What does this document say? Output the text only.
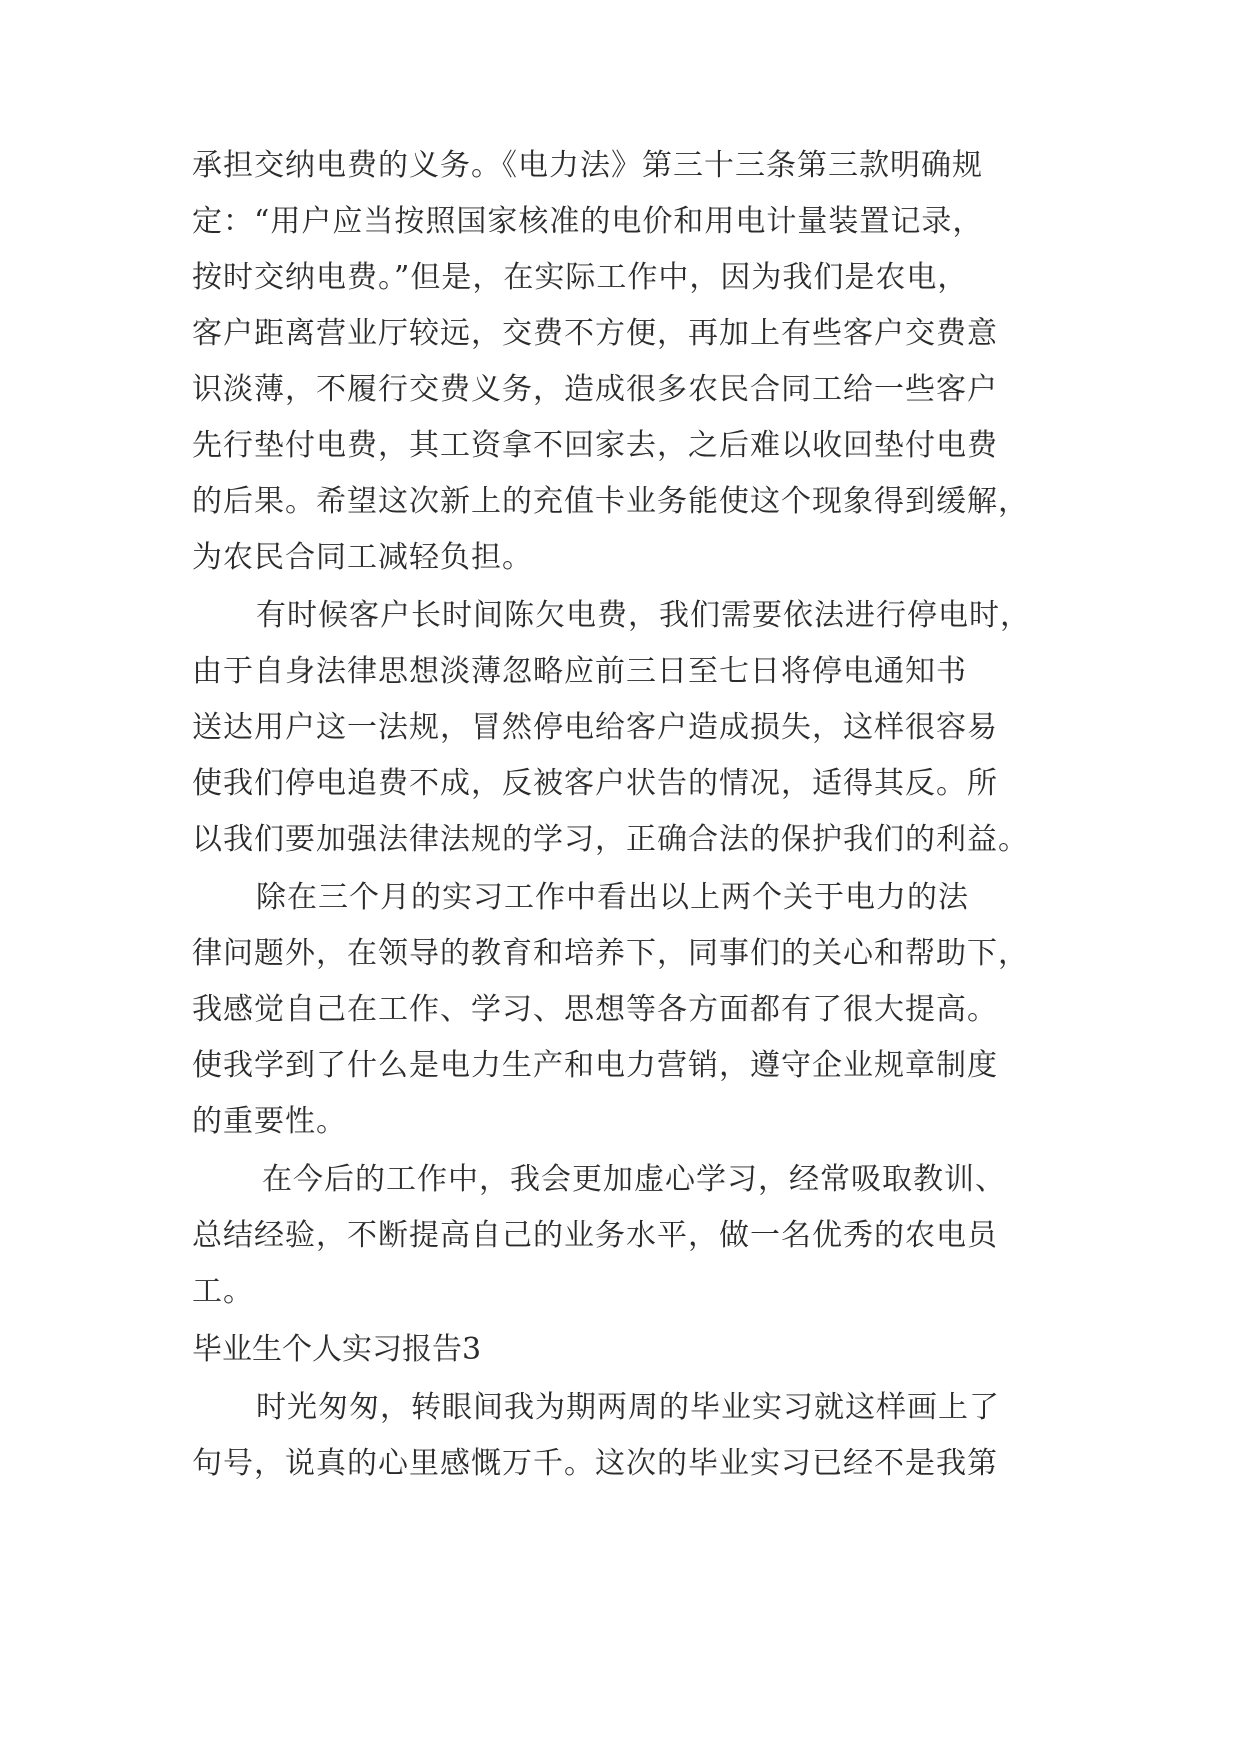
承担交纳电费的义务。《电力法》第三十三条第三款明确规
定：“用户应当按照国家核准的电价和用电计量装置记录，
按时交纳电费。”但是，在实际工作中，因为我们是农电，
客户距离营业厅较远，交费不方便，再加上有些客户交费意
识淡薄，不履行交费义务，造成很多农民合同工给一些客户
先行垫付电费，其工资拿不回家去，之后难以收回垫付电费
的后果。希望这次新上的充值卡业务能使这个现象得到缓解，
为农民合同工减轻负担。
有时候客户长时间陈欠电费，我们需要依法进行停电时，
由于自身法律思想淡薄忽略应前三日至七日将停电通知书
送达用户这一法规，冒然停电给客户造成损失，这样很容易
使我们停电追费不成，反被客户状告的情况，适得其反。所
以我们要加强法律法规的学习，正确合法的保护我们的利益。
除在三个月的实习工作中看出以上两个关于电力的法
律问题外，在领导的教育和培养下，同事们的关心和帮助下，
我感觉自己在工作、学习、思想等各方面都有了很大提高。
使我学到了什么是电力生产和电力营销，遵守企业规章制度
的重要性。
在今后的工作中，我会更加虚心学习，经常吸取教训、
总结经验，不断提高自己的业务水平，做一名优秀的农电员
工。
毕业生个人实习报告3
时光匆匆，转眼间我为期两周的毕业实习就这样画上了
句号，说真的心里感慨万千。这次的毕业实习已经不是我第
